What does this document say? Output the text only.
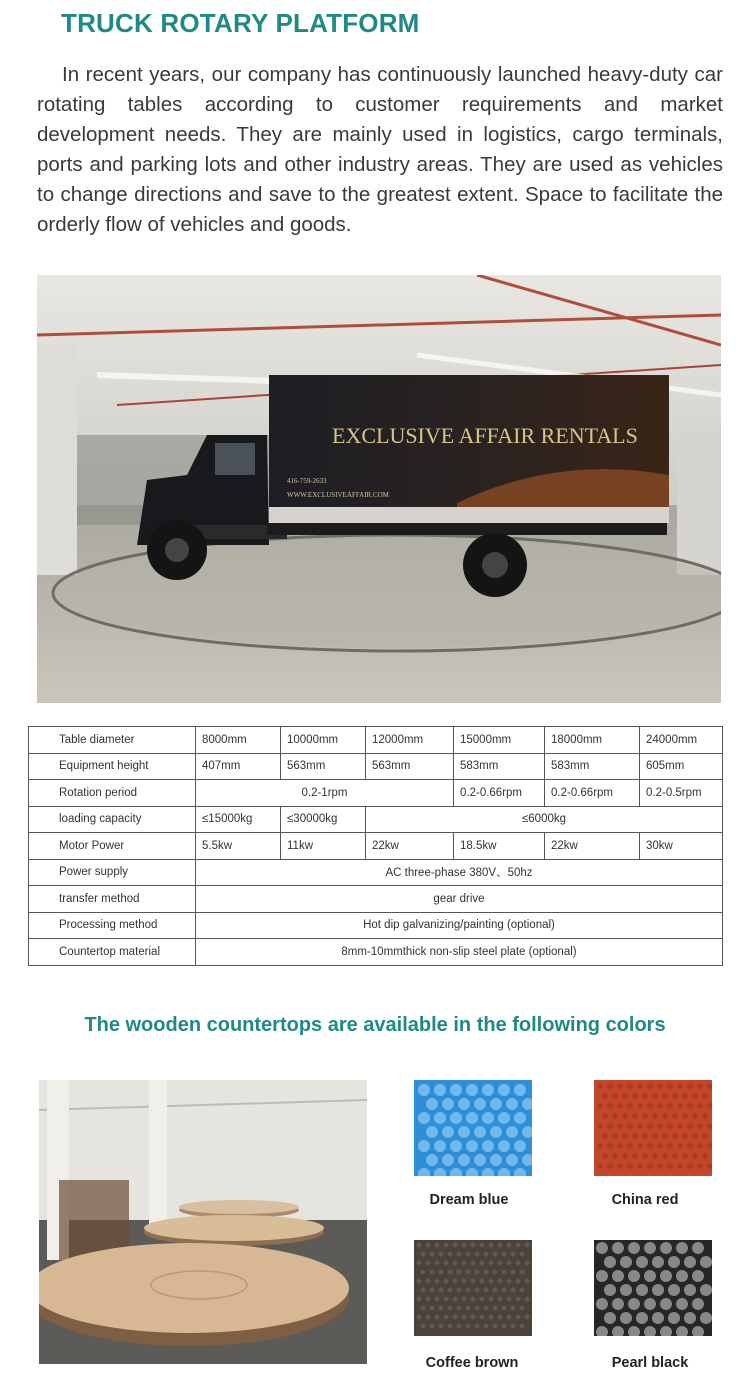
TRUCK ROTARY PLATFORM

In recent years, our company has continuously launched heavy-duty car rotating tables according to customer requirements and market development needs. They are mainly used in logistics, cargo terminals, ports and parking lots and other industry areas. They are used as vehicles to change directions and save to the greatest extent. Space to facilitate the orderly flow of vehicles and goods.

EXCLUSIVE AFFAIR RENTALS
416-759-2633
WWW.EXCLUSIVEAFFAIR.COM
Table diameter	8000mm	10000mm	12000mm	15000mm	18000mm	24000mm
Equipment height	407mm	563mm	563mm	583mm	583mm	605mm
Rotation period	0.2-1rpm			0.2-0.66rpm	0.2-0.66rpm	0.2-0.5rpm
loading capacity	≤15000kg	≤30000kg	≤6000kg			
Motor Power	5.5kw	11kw	22kw	18.5kw	22kw	30kw
Power supply	AC three-phase 380V、50hz					
transfer method	gear drive					
Processing method	Hot dip galvanizing/painting (optional)					
Countertop material	8mm-10mmthick non-slip steel plate (optional)					
The wooden countertops are available in the following colors
Dream blue	China red
Coffee brown	Pearl black
